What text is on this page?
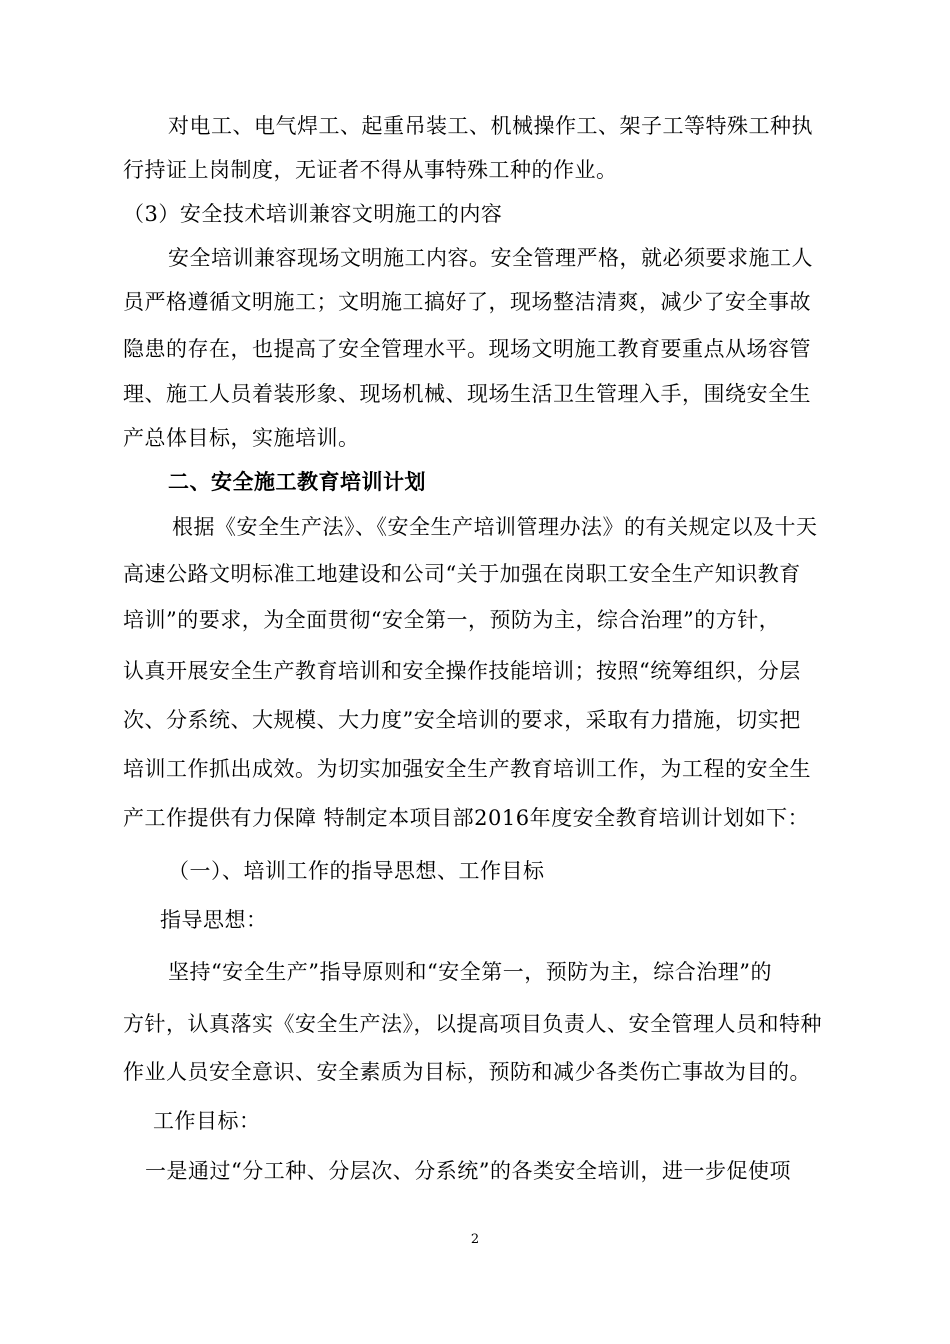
对电工、电气焊工、起重吊装工、机械操作工、架子工等特殊工种执
行持证上岗制度，无证者不得从事特殊工种的作业。
（3）安全技术培训兼容文明施工的内容
安全培训兼容现场文明施工内容。安全管理严格，就必须要求施工人
员严格遵循文明施工；文明施工搞好了，现场整洁清爽，减少了安全事故
隐患的存在，也提高了安全管理水平。现场文明施工教育要重点从场容管
理、施工人员着装形象、现场机械、现场生活卫生管理入手，围绕安全生
产总体目标，实施培训。
二、安全施工教育培训计划
根据《安全生产法》、《安全生产培训管理办法》的有关规定以及十天
高速公路文明标准工地建设和公司“关于加强在岗职工安全生产知识教育
培训”的要求，为全面贯彻“安全第一，预防为主，综合治理”的方针，
认真开展安全生产教育培训和安全操作技能培训；按照“统筹组织，分层
次、分系统、大规模、大力度”安全培训的要求，采取有力措施，切实把
培训工作抓出成效。为切实加强安全生产教育培训工作，为工程的安全生
产工作提供有力保障 特制定本项目部2016年度安全教育培训计划如下：
（一）、培训工作的指导思想、工作目标
指导思想：
坚持“安全生产”指导原则和“安全第一，预防为主，综合治理”的
方针，认真落实《安全生产法》，以提高项目负责人、安全管理人员和特种
作业人员安全意识、安全素质为目标，预防和减少各类伤亡事故为目的。
工作目标：
一是通过“分工种、分层次、分系统”的各类安全培训，进一步促使项
2
